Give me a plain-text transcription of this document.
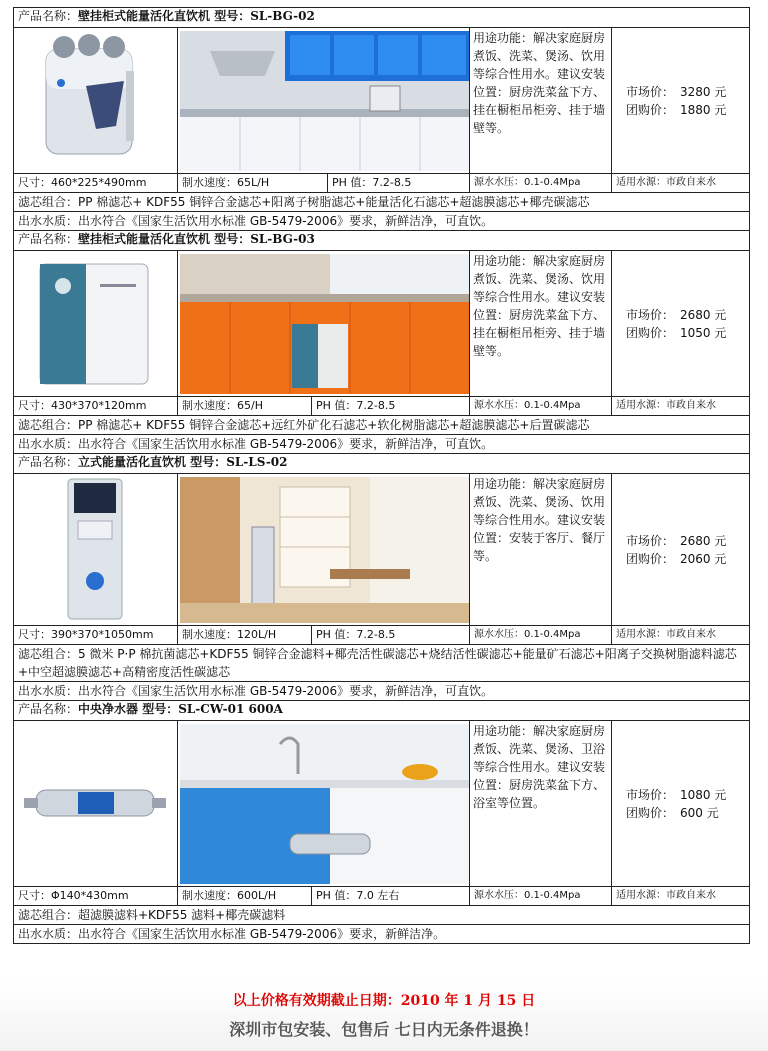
产品名称：壁挂柜式能量活化直饮机 型号：SL-BG-02				

	用途功能：解决家庭厨房煮饭、洗菜、煲汤、饮用等综合性用水。建议安装位置：厨房洗菜盆下方、挂在橱柜吊柜旁、挂于墙壁等。	市场价：　3280 元
团购价：　1880 元

尺寸：460*225*490mm	制水速度：65L/H	PH 值：7.2-8.5	源水水压：0.1-0.4Mpa	适用水源：市政自来水
滤芯组合：PP 棉滤芯+ KDF55 铜锌合金滤芯+阳离子树脂滤芯+能量活化石滤芯+超滤膜滤芯+椰壳碳滤芯				
出水水质：出水符合《国家生活饮用水标准 GB-5479-2006》要求，新鲜洁净，可直饮。				
产品名称：壁挂柜式能量活化直饮机 型号：SL-BG-03				

	用途功能：解决家庭厨房煮饭、洗菜、煲汤、饮用等综合性用水。建议安装位置：厨房洗菜盆下方、挂在橱柜吊柜旁、挂于墙壁等。	市场价：　2680 元
团购价：　1050 元

尺寸：430*370*120mm	制水速度：65/H	PH 值：7.2-8.5	源水水压：0.1-0.4Mpa	适用水源：市政自来水
滤芯组合：PP 棉滤芯+ KDF55 铜锌合金滤芯+远红外矿化石滤芯+软化树脂滤芯+超滤膜滤芯+后置碳滤芯				
出水水质：出水符合《国家生活饮用水标准 GB-5479-2006》要求，新鲜洁净，可直饮。				
产品名称：立式能量活化直饮机 型号：SL-LS-02				

	用途功能：解决家庭厨房煮饭、洗菜、煲汤、饮用等综合性用水。建议安装位置：安装于客厅、餐厅等。	市场价：　2680 元
团购价：　2060 元

尺寸：390*370*1050mm	制水速度：120L/H	PH 值：7.2-8.5	源水水压：0.1-0.4Mpa	适用水源：市政自来水
滤芯组合：5 微米 P·P 棉抗菌滤芯+KDF55 铜锌合金滤料+椰壳活性碳滤芯+烧结活性碳滤芯+能量矿石滤芯+阳离子交换树脂滤料滤芯+中空超滤膜滤芯+高精密度活性碳滤芯				
出水水质：出水符合《国家生活饮用水标准 GB-5479-2006》要求，新鲜洁净，可直饮。				
产品名称：中央净水器 型号：SL-CW-01 600A				

	用途功能：解决家庭厨房煮饭、洗菜、煲汤、卫浴等综合性用水。建议安装位置：厨房洗菜盆下方、浴室等位置。	市场价：　1080 元
团购价：　600 元

尺寸：Φ140*430mm	制水速度：600L/H	PH 值：7.0 左右	源水水压：0.1-0.4Mpa	适用水源：市政自来水
滤芯组合：超滤膜滤料+KDF55 滤料+椰壳碳滤料				
出水水质：出水符合《国家生活饮用水标准 GB-5479-2006》要求，新鲜洁净。				
以上价格有效期截止日期：2010 年 1 月 15 日
深圳市包安装、包售后 七日内无条件退换！
